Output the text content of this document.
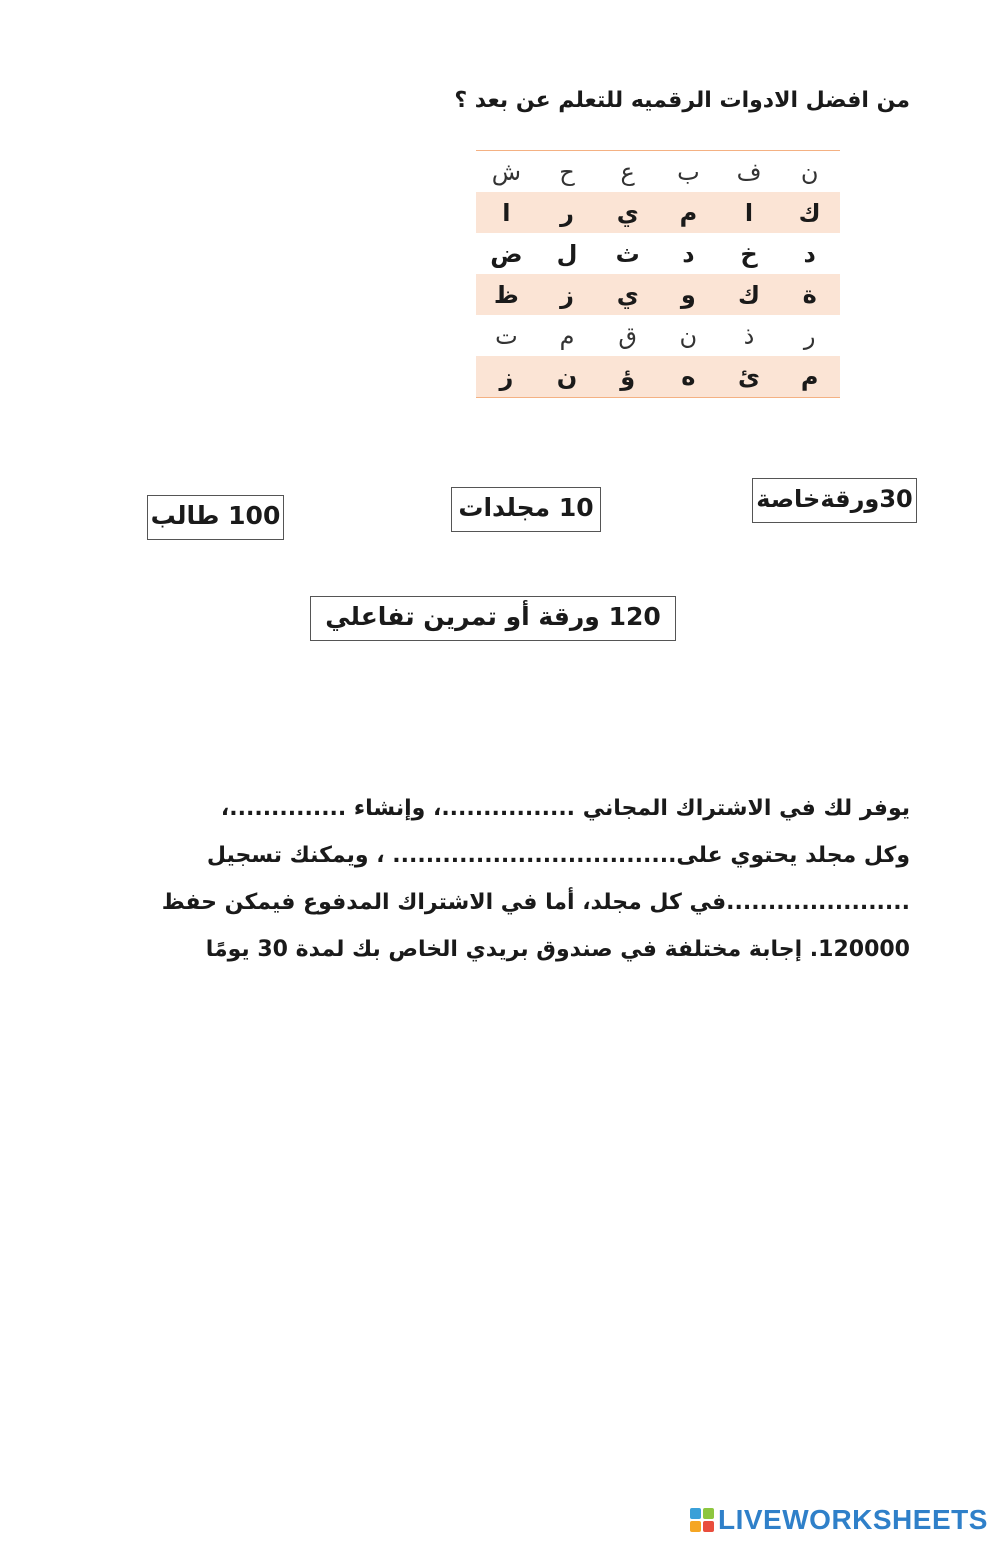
من افضل الادوات الرقميه للتعلم عن بعد ؟
ن	ف	ب	ع	ح	ش
ك	ا	م	ي	ر	ا
د	خ	د	ث	ل	ض
ة	ك	و	ي	ز	ظ
ر	ذ	ن	ق	م	ت
م	ئ	ه	ؤ	ن	ز
30ورقةخاصة
10 مجلدات
100 طالب
120 ورقة أو تمرين تفاعلي
يوفر لك في الاشتراك المجاني ................، وإنشاء ..............،
وكل مجلد يحتوي على.................................. ، ويمكنك تسجيل
......................في كل مجلد، أما في الاشتراك المدفوع فيمكن حفظ
120000. إجابة مختلفة في صندوق بريدي الخاص بك لمدة 30 يومًا
LIVEWORKSHEETS
